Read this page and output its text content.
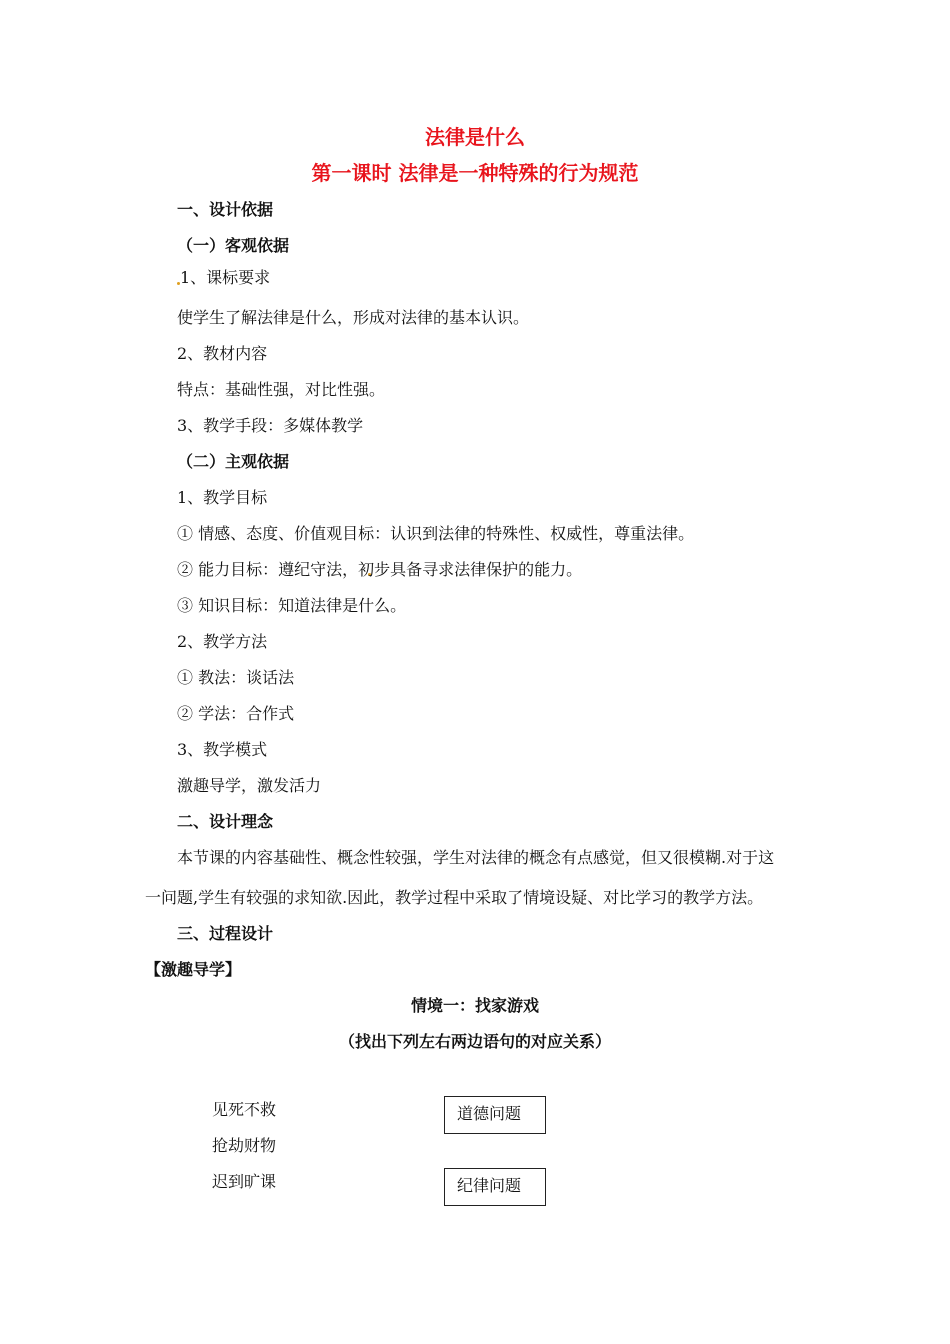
法律是什么
第一课时 法律是一种特殊的行为规范
一、设计依据
（一）客观依据
1、课标要求
使学生了解法律是什么，形成对法律的基本认识。
2、教材内容
特点：基础性强，对比性强。
3、教学手段：多媒体教学
（二）主观依据
1、教学目标
① 情感、态度、价值观目标：认识到法律的特殊性、权威性，尊重法律。
② 能力目标：遵纪守法，初步具备寻求法律保护的能力。
③ 知识目标：知道法律是什么。
2、教学方法
① 教法：谈话法
② 学法：合作式
3、教学模式
激趣导学，激发活力
二、设计理念
本节课的内容基础性、概念性较强，学生对法律的概念有点感觉，但又很模糊.对于这
一问题,学生有较强的求知欲.因此，教学过程中采取了情境设疑、对比学习的教学方法。
三、过程设计
【激趣导学】
情境一：找家游戏
（找出下列左右两边语句的对应关系）
见死不救
抢劫财物
迟到旷课
道德问题
纪律问题
